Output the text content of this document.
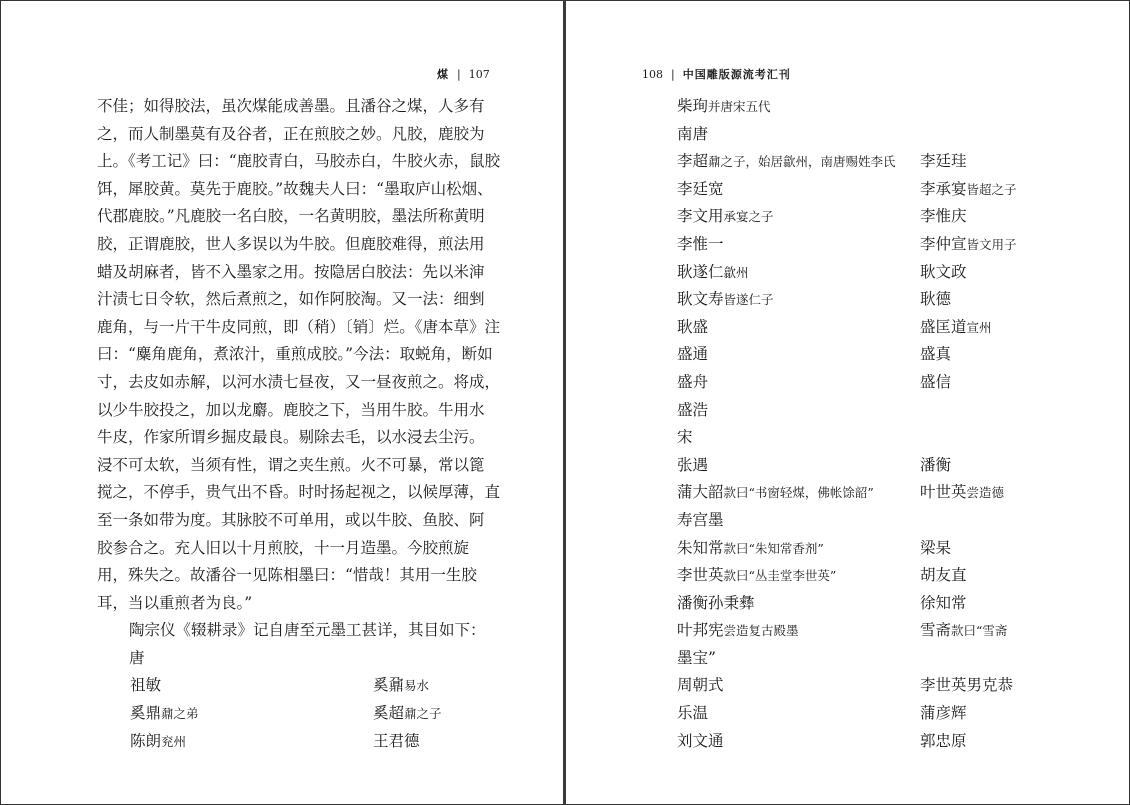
煤 | 107

不佳；如得胶法，虽次煤能成善墨。且潘谷之煤，人多有
之，而人制墨莫有及谷者，正在煎胶之妙。凡胶，鹿胶为
上。《考工记》曰：“鹿胶青白，马胶赤白，牛胶火赤，鼠胶
饵，犀胶黄。莫先于鹿胶。”故魏夫人曰：“墨取庐山松烟、
代郡鹿胶。”凡鹿胶一名白胶，一名黄明胶，墨法所称黄明
胶，正谓鹿胶，世人多误以为牛胶。但鹿胶难得，煎法用
蜡及胡麻者，皆不入墨家之用。按隐居白胶法：先以米渖
汁渍七日令软，然后煮煎之，如作阿胶淘。又一法：细剉
鹿角，与一片干牛皮同煎，即（稍）〔销〕烂。《唐本草》注
曰：“麋角鹿角，煮浓汁，重煎成胶。”今法：取蜕角，断如
寸，去皮如赤解，以河水渍七昼夜，又一昼夜煎之。将成，
以少牛胶投之，加以龙麝。鹿胶之下，当用牛胶。牛用水
牛皮，作家所谓乡掘皮最良。剔除去毛，以水浸去尘污。
浸不可太软，当须有性，谓之夹生煎。火不可暴，常以篦
搅之，不停手，贵气出不昏。时时扬起视之，以候厚薄，直
至一条如带为度。其脉胶不可单用，或以牛胶、鱼胶、阿
胶参合之。充人旧以十月煎胶，十一月造墨。今胶煎旋
用，殊失之。故潘谷一见陈相墨曰：“惜哉！其用一生胶
耳，当以重煎者为良。”

陶宗仪《辍耕录》记自唐至元墨工甚详，其目如下：
唐
祖敏	奚鼐易水
奚鼎鼐之弟	奚超鼐之子
陈朗兖州	王君德
108 | 中国雕版源流考汇刊
柴珣并唐宋五代
南唐
李超鼐之子，始居歙州，南唐赐姓李氏	李廷珪
李廷宽	李承宴皆超之子
李文用承宴之子	李惟庆
李惟一	李仲宣皆文用子
耿遂仁歙州	耿文政
耿文寿皆遂仁子	耿德
耿盛	盛匡道宣州
盛通	盛真
盛舟	盛信
盛浩
宋
张遇	潘衡
蒲大韶款曰“书窗轻煤，佛帐馀韶”	叶世英尝造德
寿宫墨
朱知常款曰“朱知常香剂”	梁杲
李世英款曰“丛圭堂李世英”	胡友直
潘衡孙秉彝	徐知常
叶邦宪尝造复古殿墨	雪斋款曰“雪斋
墨宝”
周朝式	李世英男克恭
乐温	蒲彦辉
刘文通	郭忠原
